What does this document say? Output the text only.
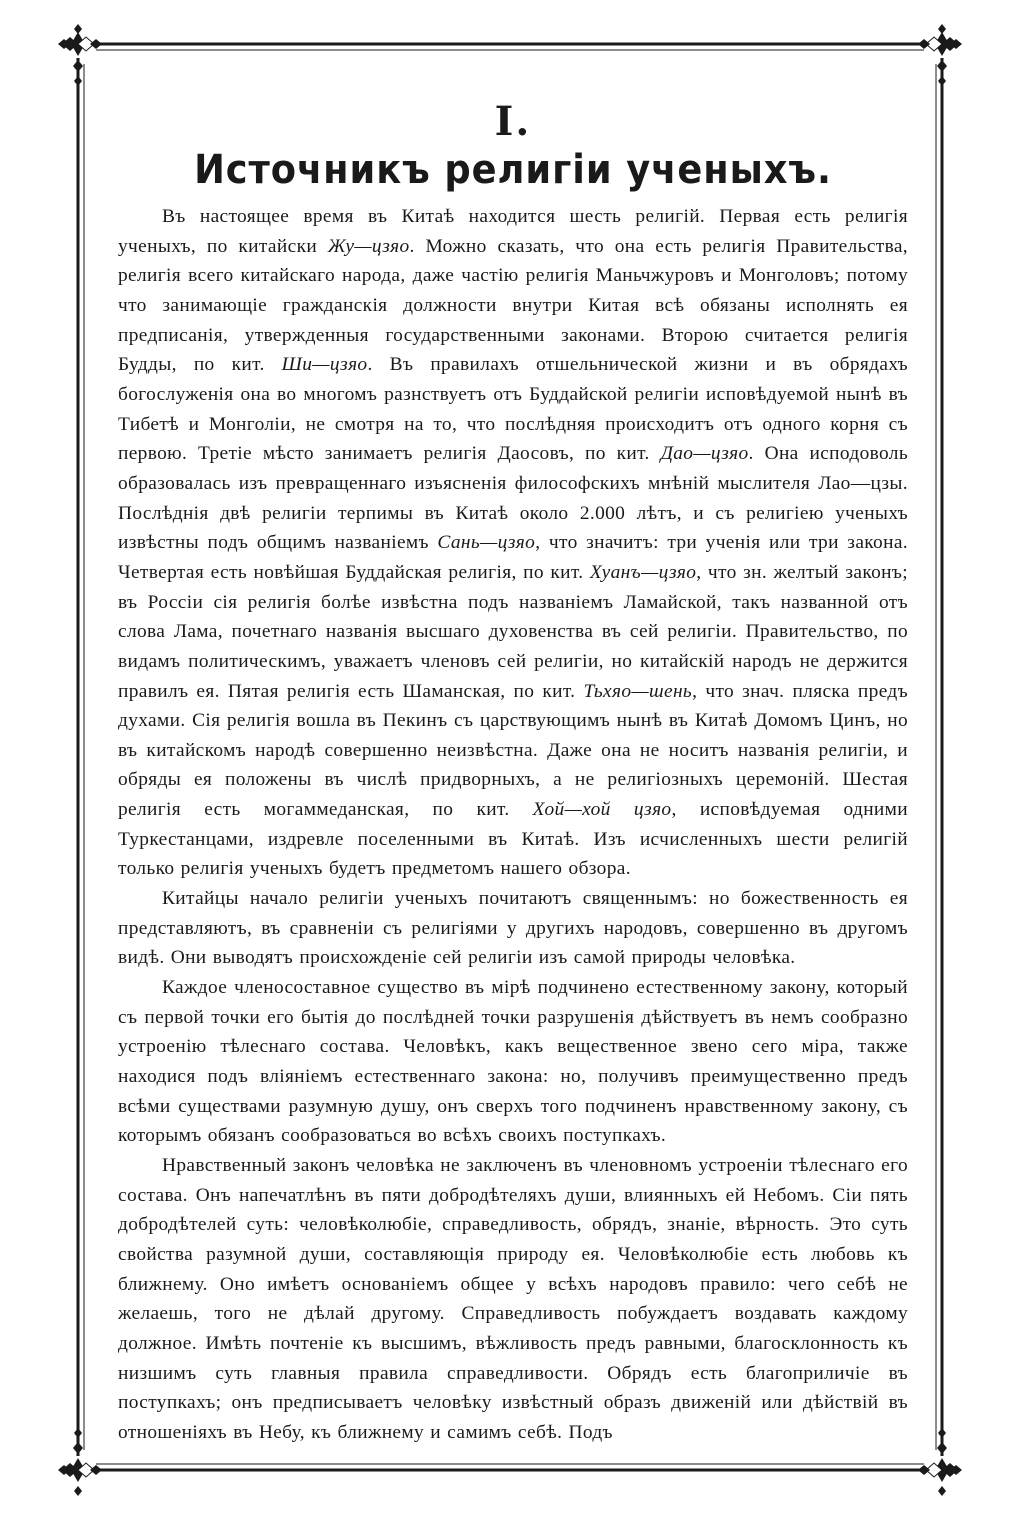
I.
Источникъ религіи ученыхъ.

Въ настоящее время въ Китаѣ находится шесть религій. Первая есть религія ученыхъ, по китайски Жу—цзяо. Можно сказать, что она есть религія Правительства, религія всего китайскаго народа, даже частію религія Маньчжуровъ и Монголовъ; потому что занимающіе гражданскія должности внутри Китая всѣ обязаны исполнять ея предписанія, утвержденныя государственными законами. Второю считается религія Будды, по кит. Ши—цзяо. Въ правилахъ отшельнической жизни и въ обрядахъ богослуженія она во многомъ разнствуетъ отъ Буддайской религіи исповѣдуемой нынѣ въ Тибетѣ и Монголіи, не смотря на то, что послѣдняя происходитъ отъ одного корня съ первою. Третіе мѣсто занимаетъ религія Даосовъ, по кит. Дао—цзяо. Она исподоволь образовалась изъ превращеннаго изъясненія философскихъ мнѣній мыслителя Лао—цзы. Послѣднія двѣ религіи терпимы въ Китаѣ около 2.000 лѣтъ, и съ религіею ученыхъ извѣстны подъ общимъ названіемъ Сань—цзяо, что значитъ: три ученія или три закона. Четвертая есть новѣйшая Буддайская религія, по кит. Хуанъ—цзяо, что зн. желтый законъ; въ Россіи сія религія болѣе извѣстна подъ названіемъ Ламайской, такъ названной отъ слова Лама, почетнаго названія высшаго духовенства въ сей религіи. Правительство, по видамъ политическимъ, уважаетъ членовъ сей религіи, но китайскій народъ не держится правилъ ея. Пятая религія есть Шаманская, по кит. Тьхяо—шень, что знач. пляска предъ духами. Сія религія вошла въ Пекинъ съ царствующимъ нынѣ въ Китаѣ Домомъ Цинъ, но въ китайскомъ народѣ совершенно неизвѣстна. Даже она не носитъ названія религіи, и обряды ея положены въ числѣ придворныхъ, а не религіозныхъ церемоній. Шестая религія есть могаммеданская, по кит. Хой—хой цзяо, исповѣдуемая одними Туркестанцами, издревле поселенными въ Китаѣ. Изъ исчисленныхъ шести религій только религія ученыхъ будетъ предметомъ нашего обзора.

Китайцы начало религіи ученыхъ почитаютъ священнымъ: но божественность ея представляютъ, въ сравненіи съ религіями у другихъ народовъ, совершенно въ другомъ видѣ. Они выводятъ происхожденіе сей религіи изъ самой природы человѣка.

Каждое членосоставное существо въ мірѣ подчинено естественному закону, который съ первой точки его бытія до послѣдней точки разрушенія дѣйствуетъ въ немъ сообразно устроенію тѣлеснаго состава. Человѣкъ, какъ вещественное звено сего міра, также находися подъ вліяніемъ естественнаго закона: но, получивъ преимущественно предъ всѣми существами разумную душу, онъ сверхъ того подчиненъ нравственному закону, съ которымъ обязанъ сообразоваться во всѣхъ своихъ поступкахъ.

Нравственный законъ человѣка не заключенъ въ членовномъ устроеніи тѣлеснаго его состава. Онъ напечатлѣнъ въ пяти добродѣтеляхъ души, влиянныхъ ей Небомъ. Сіи пять добродѣтелей суть: человѣколюбіе, справедливость, обрядъ, знаніе, вѣрность. Это суть свойства разумной души, составляющія природу ея. Человѣколюбіе есть любовь къ ближнему. Оно имѣетъ основаніемъ общее у всѣхъ народовъ правило: чего себѣ не желаешь, того не дѣлай другому. Справедливость побуждаетъ воздавать каждому должное. Имѣть почтеніе къ высшимъ, вѣжливость предъ равными, благосклонность къ низшимъ суть главныя правила справедливости. Обрядъ есть благоприличіе въ поступкахъ; онъ предписываетъ человѣку извѣстный образъ движеній или дѣйствій въ отношеніяхъ въ Небу, къ ближнему и самимъ себѣ. Подъ
